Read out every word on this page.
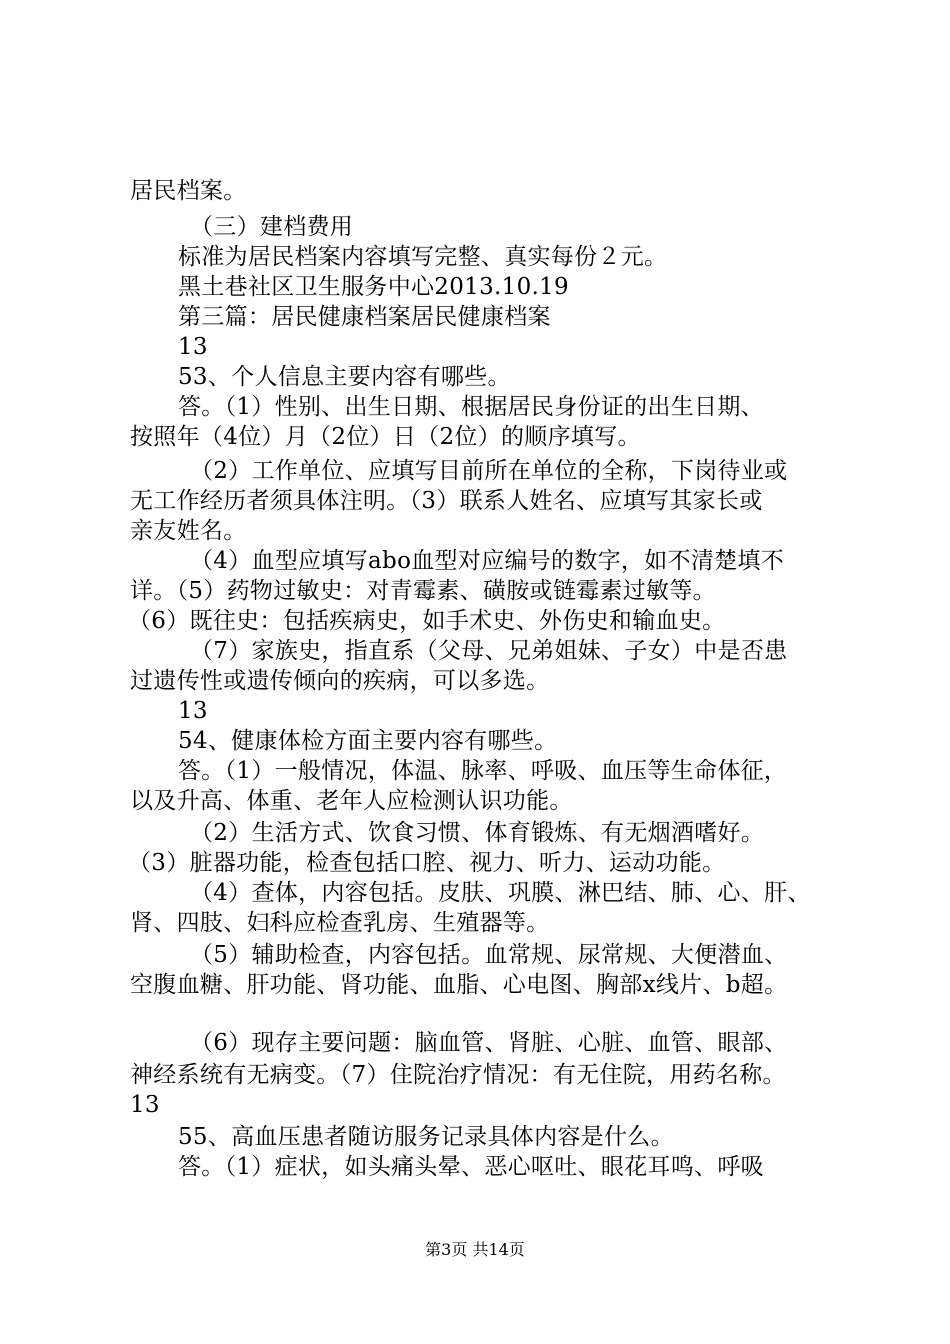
居民档案。
（三）建档费用
标准为居民档案内容填写完整、真实每份２元。
黑土巷社区卫生服务中心2013.10.19
第三篇：居民健康档案居民健康档案
13
53、个人信息主要内容有哪些。
答。（1）性别、出生日期、根据居民身份证的出生日期、
按照年（4位）月（2位）日（2位）的顺序填写。
（2）工作单位、应填写目前所在单位的全称，下岗待业或
无工作经历者须具体注明。（3）联系人姓名、应填写其家长或
亲友姓名。
（4）血型应填写abo血型对应编号的数字，如不清楚填不
详。（5）药物过敏史：对青霉素、磺胺或链霉素过敏等。
（6）既往史：包括疾病史，如手术史、外伤史和输血史。
（7）家族史，指直系（父母、兄弟姐妹、子女）中是否患
过遗传性或遗传倾向的疾病，可以多选。
13
54、健康体检方面主要内容有哪些。
答。（1）一般情况，体温、脉率、呼吸、血压等生命体征，
以及升高、体重、老年人应检测认识功能。
（2）生活方式、饮食习惯、体育锻炼、有无烟酒嗜好。
（3）脏器功能，检查包括口腔、视力、听力、运动功能。
（4）查体，内容包括。皮肤、巩膜、淋巴结、肺、心、肝、
肾、四肢、妇科应检查乳房、生殖器等。
（5）辅助检查，内容包括。血常规、尿常规、大便潜血、
空腹血糖、肝功能、肾功能、血脂、心电图、胸部x线片、b超。
（6）现存主要问题：脑血管、肾脏、心脏、血管、眼部、
神经系统有无病变。（7）住院治疗情况：有无住院，用药名称。
13
55、高血压患者随访服务记录具体内容是什么。
答。（1）症状，如头痛头晕、恶心呕吐、眼花耳鸣、呼吸
第3页 共14页
